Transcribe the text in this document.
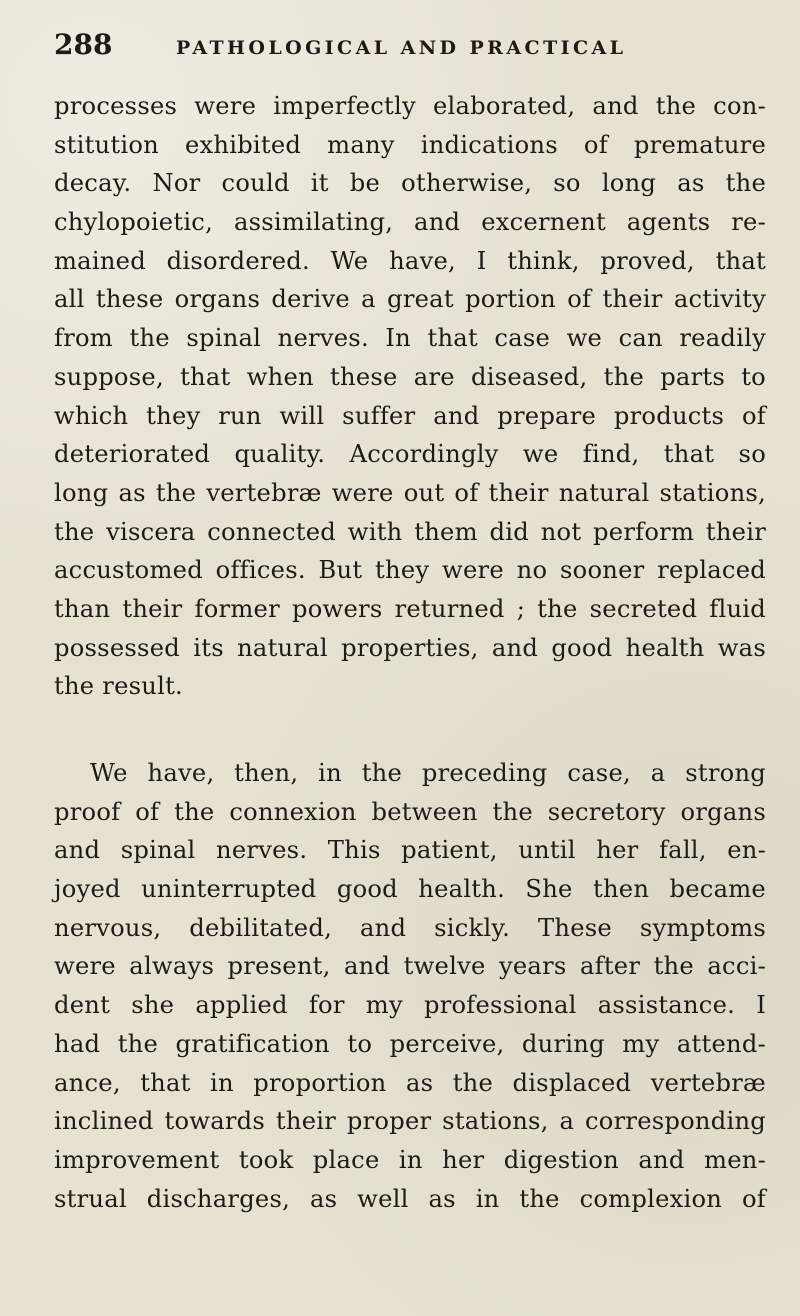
288	PATHOLOGICAL AND PRACTICAL
processes were imperfectly elaborated, and the con-
stitution exhibited many indications of premature
decay. Nor could it be otherwise, so long as the
chylopoietic, assimilating, and excernent agents re-
mained disordered. We have, I think, proved, that
all these organs derive a great portion of their activity
from the spinal nerves. In that case we can readily
suppose, that when these are diseased, the parts to
which they run will suffer and prepare products of
deteriorated quality. Accordingly we find, that so
long as the vertebræ were out of their natural stations,
the viscera connected with them did not perform their
accustomed offices. But they were no sooner replaced
than their former powers returned ; the secreted fluid
possessed its natural properties, and good health was
the result.
We have, then, in the preceding case, a strong
proof of the connexion between the secretory organs
and spinal nerves. This patient, until her fall, en-
joyed uninterrupted good health. She then became
nervous, debilitated, and sickly. These symptoms
were always present, and twelve years after the acci-
dent she applied for my professional assistance. I
had the gratification to perceive, during my attend-
ance, that in proportion as the displaced vertebræ
inclined towards their proper stations, a corresponding
improvement took place in her digestion and men-
strual discharges, as well as in the complexion of
